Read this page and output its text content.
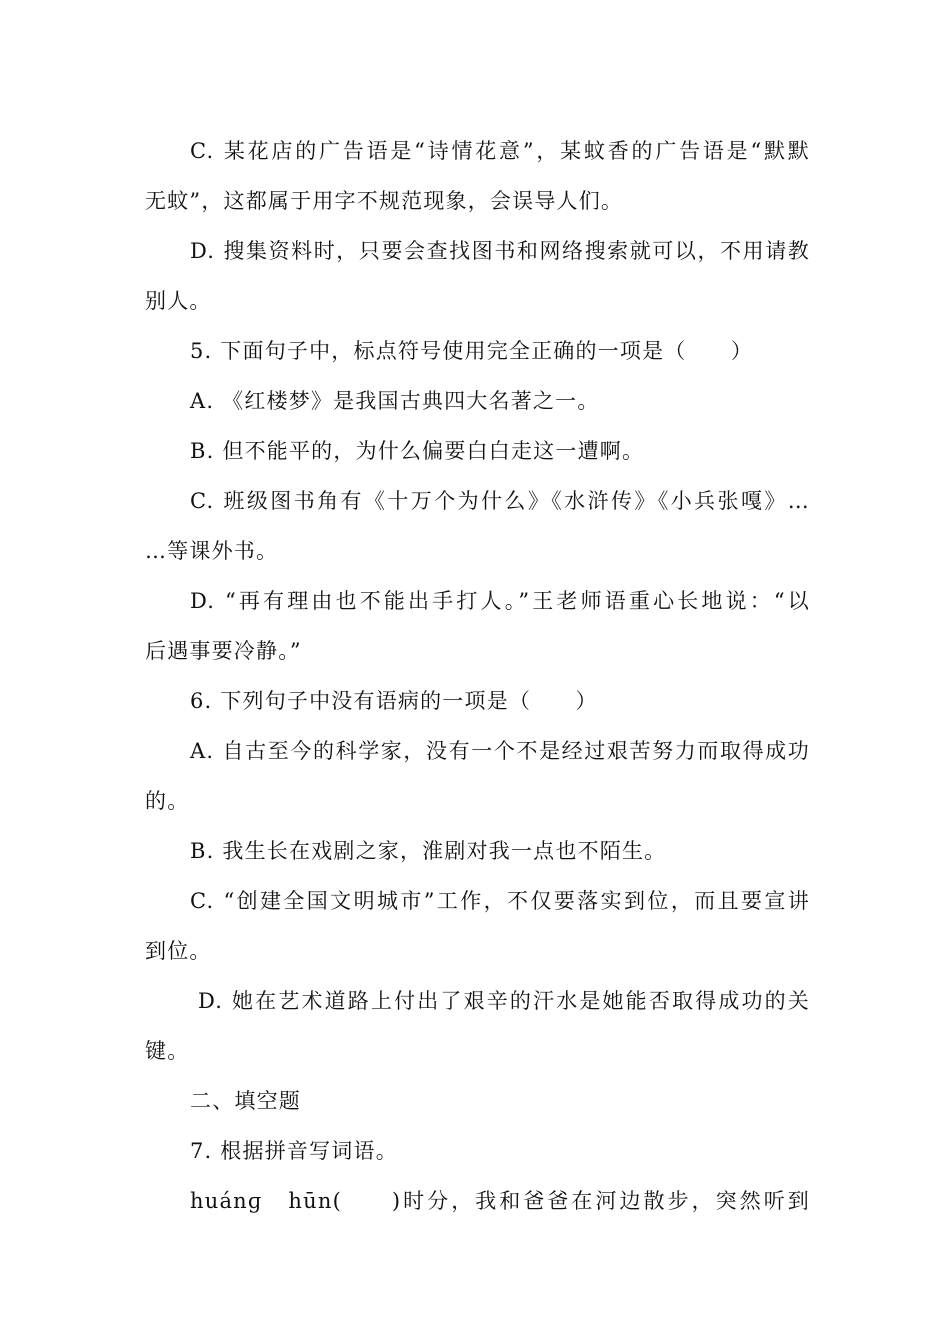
C. 某花店的广告语是“诗情花意”，某蚊香的广告语是“默默
无蚊”，这都属于用字不规范现象，会误导人们。
D. 搜集资料时，只要会查找图书和网络搜索就可以，不用请教
别人。
5. 下面句子中，标点符号使用完全正确的一项是（　　）
A. 《红楼梦》是我国古典四大名著之一。
B. 但不能平的，为什么偏要白白走这一遭啊。
C. 班级图书角有《十万个为什么》《水浒传》《小兵张嘎》…
…等课外书。
D. “再有理由也不能出手打人。”王老师语重心长地说：“以
后遇事要冷静。”
6. 下列句子中没有语病的一项是（　　）
A. 自古至今的科学家，没有一个不是经过艰苦努力而取得成功
的。
B. 我生长在戏剧之家，淮剧对我一点也不陌生。
C. “创建全国文明城市”工作，不仅要落实到位，而且要宣讲
到位。
D. 她在艺术道路上付出了艰辛的汗水是她能否取得成功的关
键。
二、填空题
7. 根据拼音写词语。
huánɡ　hūn(　　)时分，我和爸爸在河边散步，突然听到
